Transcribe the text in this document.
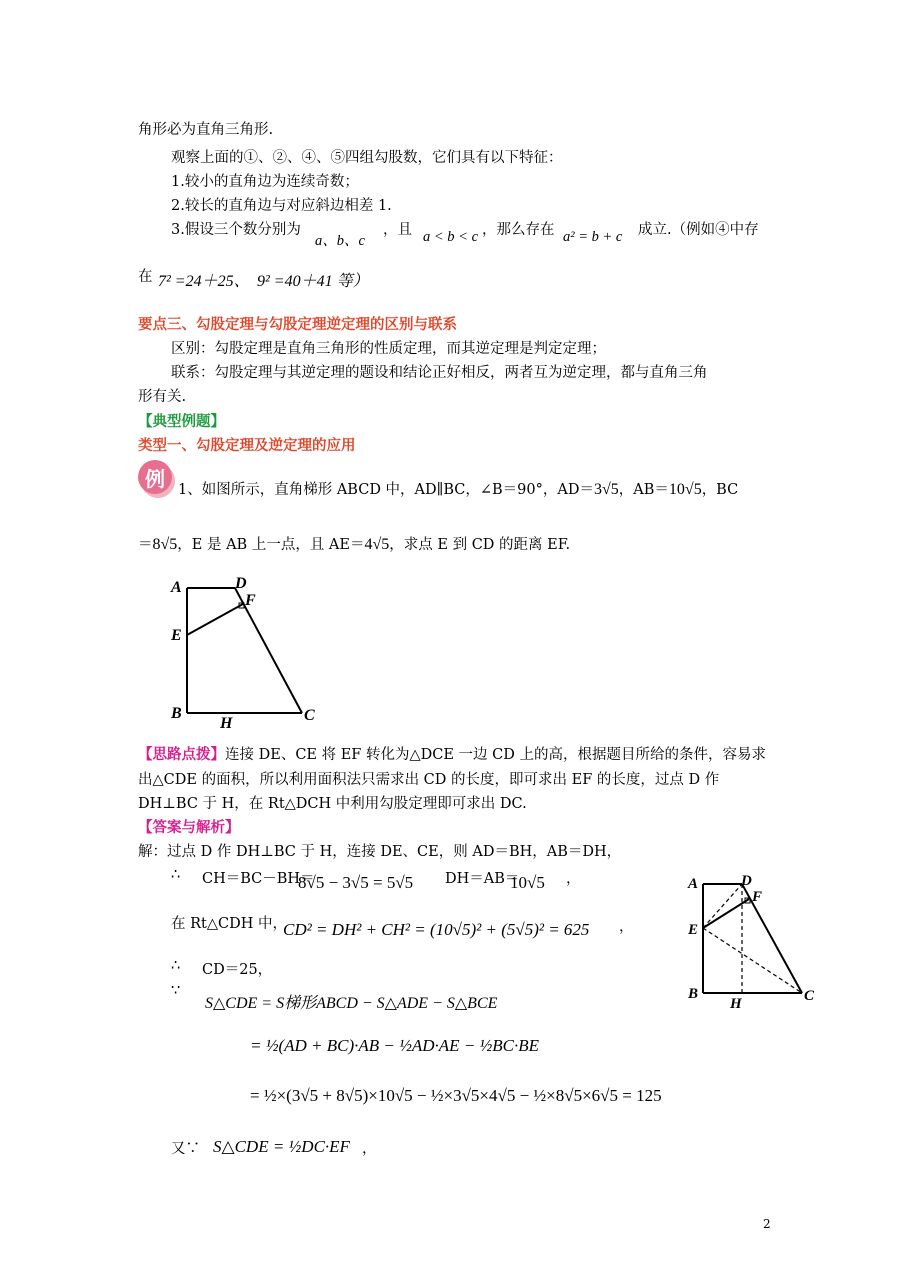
角形必为直角三角形.
观察上面的①、②、④、⑤四组勾股数，它们具有以下特征：
1.较小的直角边为连续奇数；
2.较长的直角边与对应斜边相差 1.
3.假设三个数分别为
a、b、c
，且 a < b < c ，那么存在 a² = b + c 成立.（例如④中存
在 7² =24＋25、 9² =40＋41 等）
要点三、勾股定理与勾股定理逆定理的区别与联系
区别：勾股定理是直角三角形的性质定理，而其逆定理是判定定理；
联系：勾股定理与其逆定理的题设和结论正好相反，两者互为逆定理，都与直角三角
形有关.
【典型例题】
类型一、勾股定理及逆定理的应用
例 1、如图所示，直角梯形 ABCD 中，AD∥BC，∠B＝90°，AD＝3√5，AB＝10√5，BC
＝8√5，E 是 AB 上一点，且 AE＝4√5，求点 E 到 CD 的距离 EF.
A	D
F
E
B
H	C
【思路点拨】连接 DE、CE 将 EF 转化为△DCE 一边 CD 上的高，根据题目所给的条件，容易求
出△CDE 的面积，所以利用面积法只需求出 CD 的长度，即可求出 EF 的长度，过点 D 作
DH⊥BC 于 H，在 Rt△DCH 中利用勾股定理即可求出 DC.
【答案与解析】
解：过点 D 作 DH⊥BC 于 H，连接 DE、CE，则 AD＝BH，AB＝DH，
∴ CH＝BC－BH＝
8√5 − 3√5 = 5√5 DH＝AB＝
10√5 ，
在 Rt△CDH 中，
CD² = DH² + CH² = (10√5)² + (5√5)² = 625 ，
∴ CD＝25，
∵
S△CDE = S梯形ABCD − S△ADE − S△BCE
= ½(AD + BC)·AB − ½AD·AE − ½BC·BE
= ½×(3√5 + 8√5)×10√5 − ½×3√5×4√5 − ½×8√5×6√5 = 125
又∵ S△CDE = ½DC·EF ，
A	D
F
E
B
H	C
2
